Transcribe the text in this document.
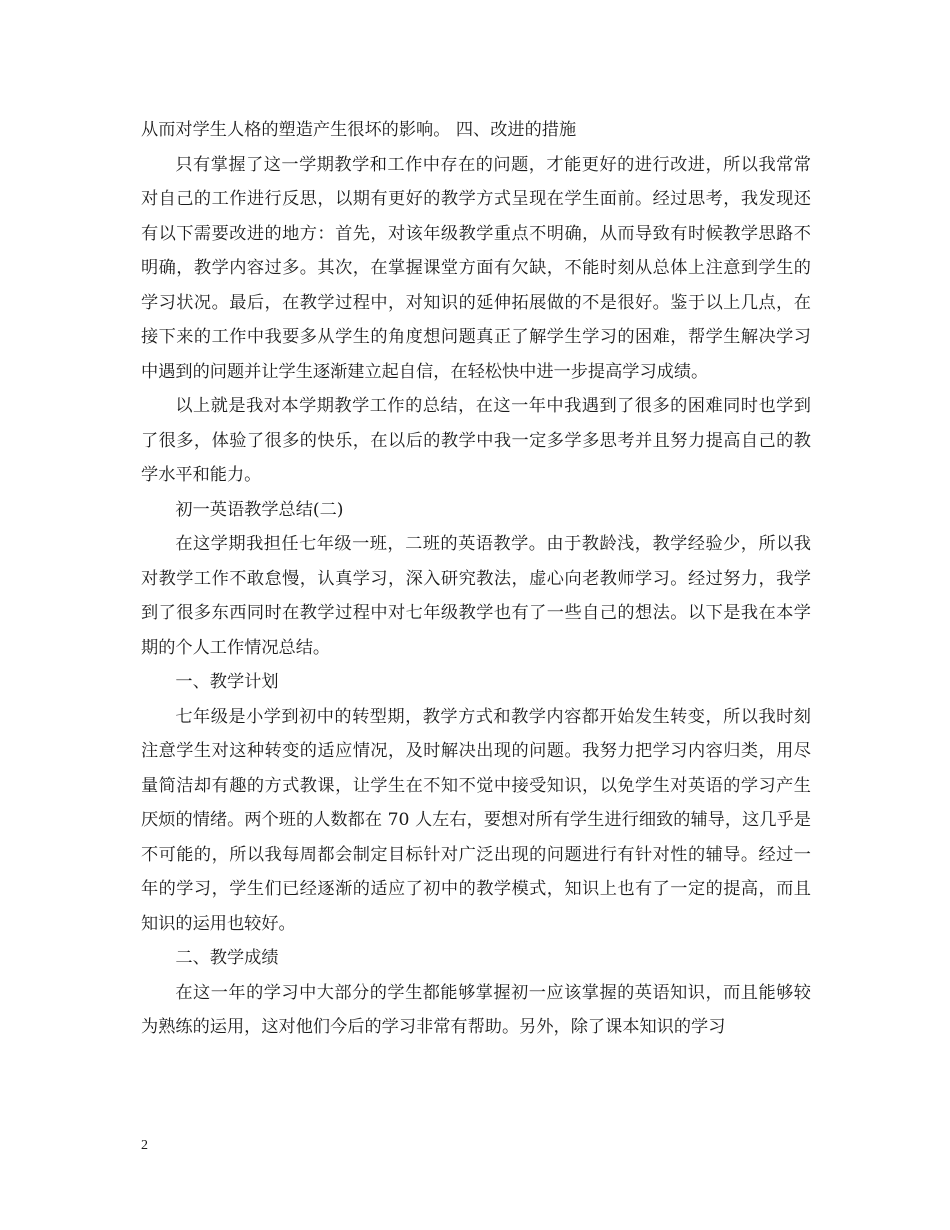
从而对学生人格的塑造产生很坏的影响。 四、改进的措施

只有掌握了这一学期教学和工作中存在的问题，才能更好的进行改进，所以我常常对自己的工作进行反思，以期有更好的教学方式呈现在学生面前。经过思考，我发现还有以下需要改进的地方：首先，对该年级教学重点不明确，从而导致有时候教学思路不明确，教学内容过多。其次，在掌握课堂方面有欠缺，不能时刻从总体上注意到学生的学习状况。最后，在教学过程中，对知识的延伸拓展做的不是很好。鉴于以上几点，在接下来的工作中我要多从学生的角度想问题真正了解学生学习的困难，帮学生解决学习中遇到的问题并让学生逐渐建立起自信，在轻松快中进一步提高学习成绩。

以上就是我对本学期教学工作的总结，在这一年中我遇到了很多的困难同时也学到了很多，体验了很多的快乐，在以后的教学中我一定多学多思考并且努力提高自己的教学水平和能力。

初一英语教学总结(二)

在这学期我担任七年级一班，二班的英语教学。由于教龄浅，教学经验少，所以我对教学工作不敢怠慢，认真学习，深入研究教法，虚心向老教师学习。经过努力，我学到了很多东西同时在教学过程中对七年级教学也有了一些自己的想法。以下是我在本学期的个人工作情况总结。

一、教学计划

七年级是小学到初中的转型期，教学方式和教学内容都开始发生转变，所以我时刻注意学生对这种转变的适应情况，及时解决出现的问题。我努力把学习内容归类，用尽量简洁却有趣的方式教课，让学生在不知不觉中接受知识，以免学生对英语的学习产生厌烦的情绪。两个班的人数都在 70 人左右，要想对所有学生进行细致的辅导，这几乎是不可能的，所以我每周都会制定目标针对广泛出现的问题进行有针对性的辅导。经过一年的学习，学生们已经逐渐的适应了初中的教学模式，知识上也有了一定的提高，而且知识的运用也较好。

二、教学成绩

在这一年的学习中大部分的学生都能够掌握初一应该掌握的英语知识，而且能够较为熟练的运用，这对他们今后的学习非常有帮助。另外，除了课本知识的学习

2
